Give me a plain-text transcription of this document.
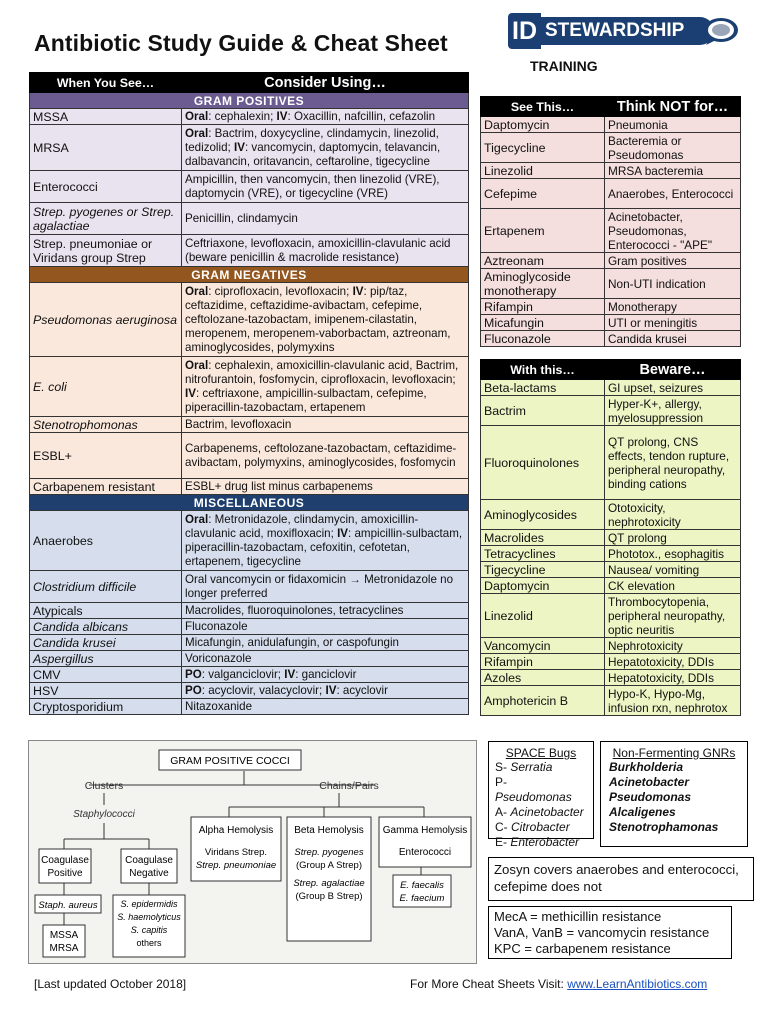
Antibiotic Study Guide & Cheat Sheet	ID STEWARDSHIP
TRAINING
When You See…	Consider Using…
GRAM POSITIVES	
MSSA	Oral: cephalexin; IV: Oxacillin, nafcillin, cefazolin
MRSA	Oral: Bactrim, doxycycline, clindamycin, linezolid, tedizolid; IV: vancomycin, daptomycin, telavancin, dalbavancin, oritavancin, ceftaroline, tigecycline
Enterococci	Ampicillin, then vancomycin, then linezolid (VRE), daptomycin (VRE), or tigecycline (VRE)
Strep. pyogenes or Strep. agalactiae	Penicillin, clindamycin
Strep. pneumoniae or Viridans group Strep	Ceftriaxone, levofloxacin, amoxicillin-clavulanic acid (beware penicillin & macrolide resistance)
GRAM NEGATIVES	
Pseudomonas aeruginosa	Oral: ciprofloxacin, levofloxacin; IV: pip/taz, ceftazidime, ceftazidime-avibactam, cefepime, ceftolozane-tazobactam, imipenem-cilastatin, meropenem, meropenem-vaborbactam, aztreonam, aminoglycosides, polymyxins
E. coli	Oral: cephalexin, amoxicillin-clavulanic acid, Bactrim, nitrofurantoin, fosfomycin, ciprofloxacin, levofloxacin; IV: ceftriaxone, ampicillin-sulbactam, cefepime, piperacillin-tazobactam, ertapenem
Stenotrophomonas	Bactrim, levofloxacin
ESBL+	Carbapenems, ceftolozane-tazobactam, ceftazidime-avibactam, polymyxins, aminoglycosides, fosfomycin
Carbapenem resistant	ESBL+ drug list minus carbapenems
MISCELLANEOUS	
Anaerobes	Oral: Metronidazole, clindamycin, amoxicillin-clavulanic acid, moxifloxacin; IV: ampicillin-sulbactam, piperacillin-tazobactam, cefoxitin, cefotetan, ertapenem, tigecycline
Clostridium difficile	Oral vancomycin or fidaxomicin → Metronidazole no longer preferred
Atypicals	Macrolides, fluoroquinolones, tetracyclines
Candida albicans	Fluconazole
Candida krusei	Micafungin, anidulafungin, or caspofungin
Aspergillus	Voriconazole
CMV	PO: valganciclovir; IV: ganciclovir
HSV	PO: acyclovir, valacyclovir; IV: acyclovir
Cryptosporidium	Nitazoxanide
See This…	Think NOT for…
Daptomycin	Pneumonia
Tigecycline	Bacteremia or Pseudomonas
Linezolid	MRSA bacteremia
Cefepime	Anaerobes, Enterococci
Ertapenem	Acinetobacter, Pseudomonas, Enterococci - "APE"
Aztreonam	Gram positives
Aminoglycoside monotherapy	Non-UTI indication
Rifampin	Monotherapy
Micafungin	UTI or meningitis
Fluconazole	Candida krusei
With this…	Beware…
Beta-lactams	GI upset, seizures
Bactrim	Hyper-K+, allergy, myelosuppression
Fluoroquinolones	QT prolong, CNS effects, tendon rupture, peripheral neuropathy, binding cations
Aminoglycosides	Ototoxicity, nephrotoxicity
Macrolides	QT prolong
Tetracyclines	Phototox., esophagitis
Tigecycline	Nausea/ vomiting
Daptomycin	CK elevation
Linezolid	Thrombocytopenia, peripheral neuropathy, optic neuritis
Vancomycin	Nephrotoxicity
Rifampin	Hepatotoxicity, DDIs
Azoles	Hepatotoxicity, DDIs
Amphotericin B	Hypo-K, Hypo-Mg, infusion rxn, nephrotox
GRAM POSITIVE COCCI
Clusters	Chains/Pairs
Staphylococci
Coagulase
Positive
Coagulase
Negative
Staph. aureus
MSSA
MRSA
S. epidermidis
S. haemolyticus
S. capitis
others
Alpha Hemolysis
Viridans Strep.
Strep. pneumoniae
Beta Hemolysis
Strep. pyogenes
(Group A Strep)
Strep. agalactiae
(Group B Strep)
Gamma Hemolysis
Enterococci
E. faecalis
E. faecium
SPACE Bugs
S- Serratia
P- Pseudomonas
A- Acinetobacter
C- Citrobacter
E- Enterobacter
Non-Fermenting GNRs
Burkholderia
Acinetobacter
Pseudomonas
Alcaligenes
Stenotrophamonas
Zosyn covers anaerobes and enterococci, cefepime does not
MecA = methicillin resistance
VanA, VanB = vancomycin resistance
KPC = carbapenem resistance
[Last updated October 2018]	For More Cheat Sheets Visit: www.LearnAntibiotics.com
